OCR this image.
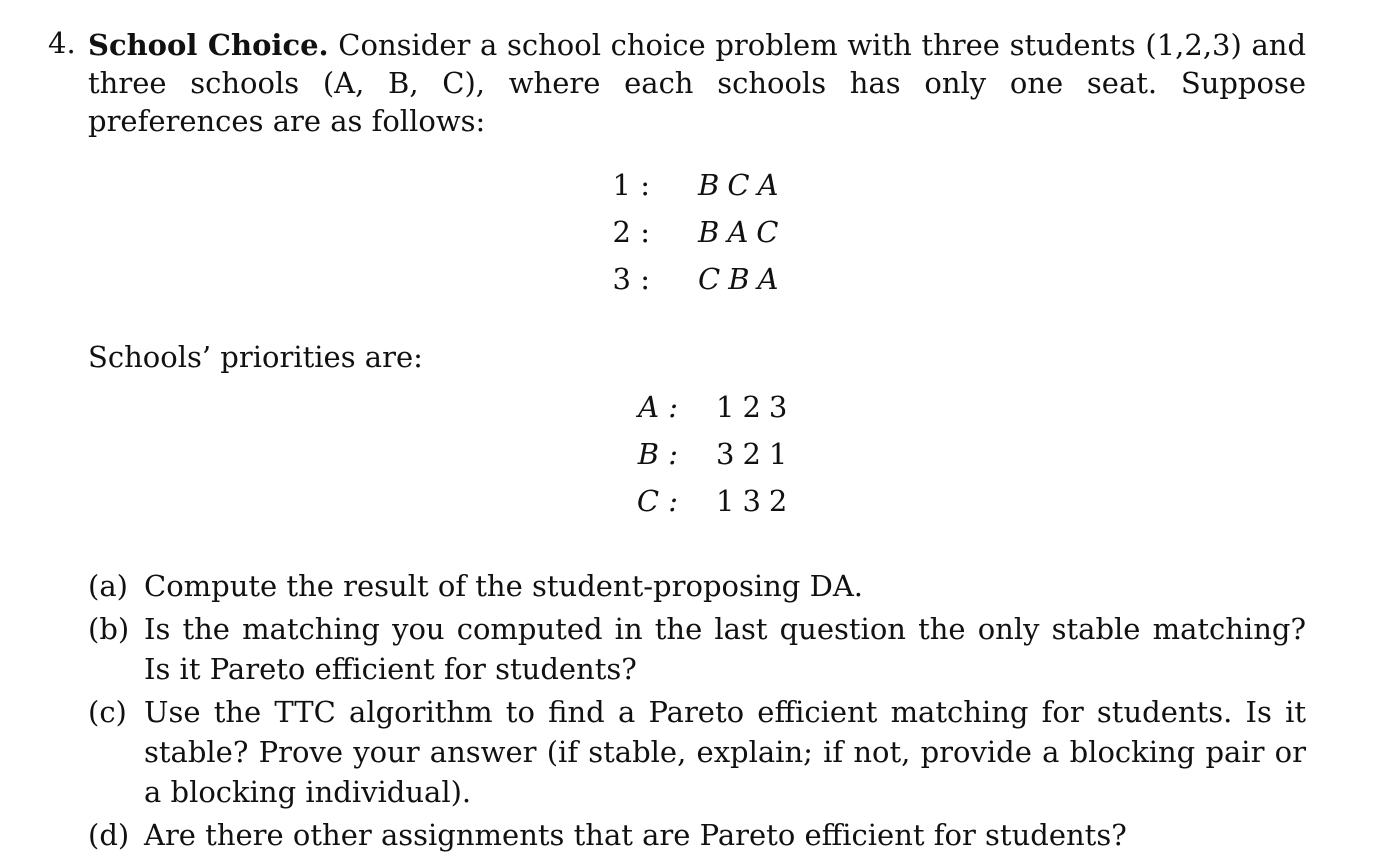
4. School Choice. Consider a school choice problem with three students (1,2,3) and three schools (A, B, C), where each schools has only one seat. Suppose preferences are as follows:

1 : B C A
2 : B A C
3 : C B A

Schools’ priorities are:

A : 1 2 3
B : 3 2 1
C : 1 3 2
(a) Compute the result of the student-proposing DA.
(b) Is the matching you computed in the last question the only stable matching? Is it Pareto efficient for students?
(c) Use the TTC algorithm to find a Pareto efficient matching for students. Is it stable? Prove your answer (if stable, explain; if not, provide a blocking pair or a blocking individual).
(d) Are there other assignments that are Pareto efficient for students?
